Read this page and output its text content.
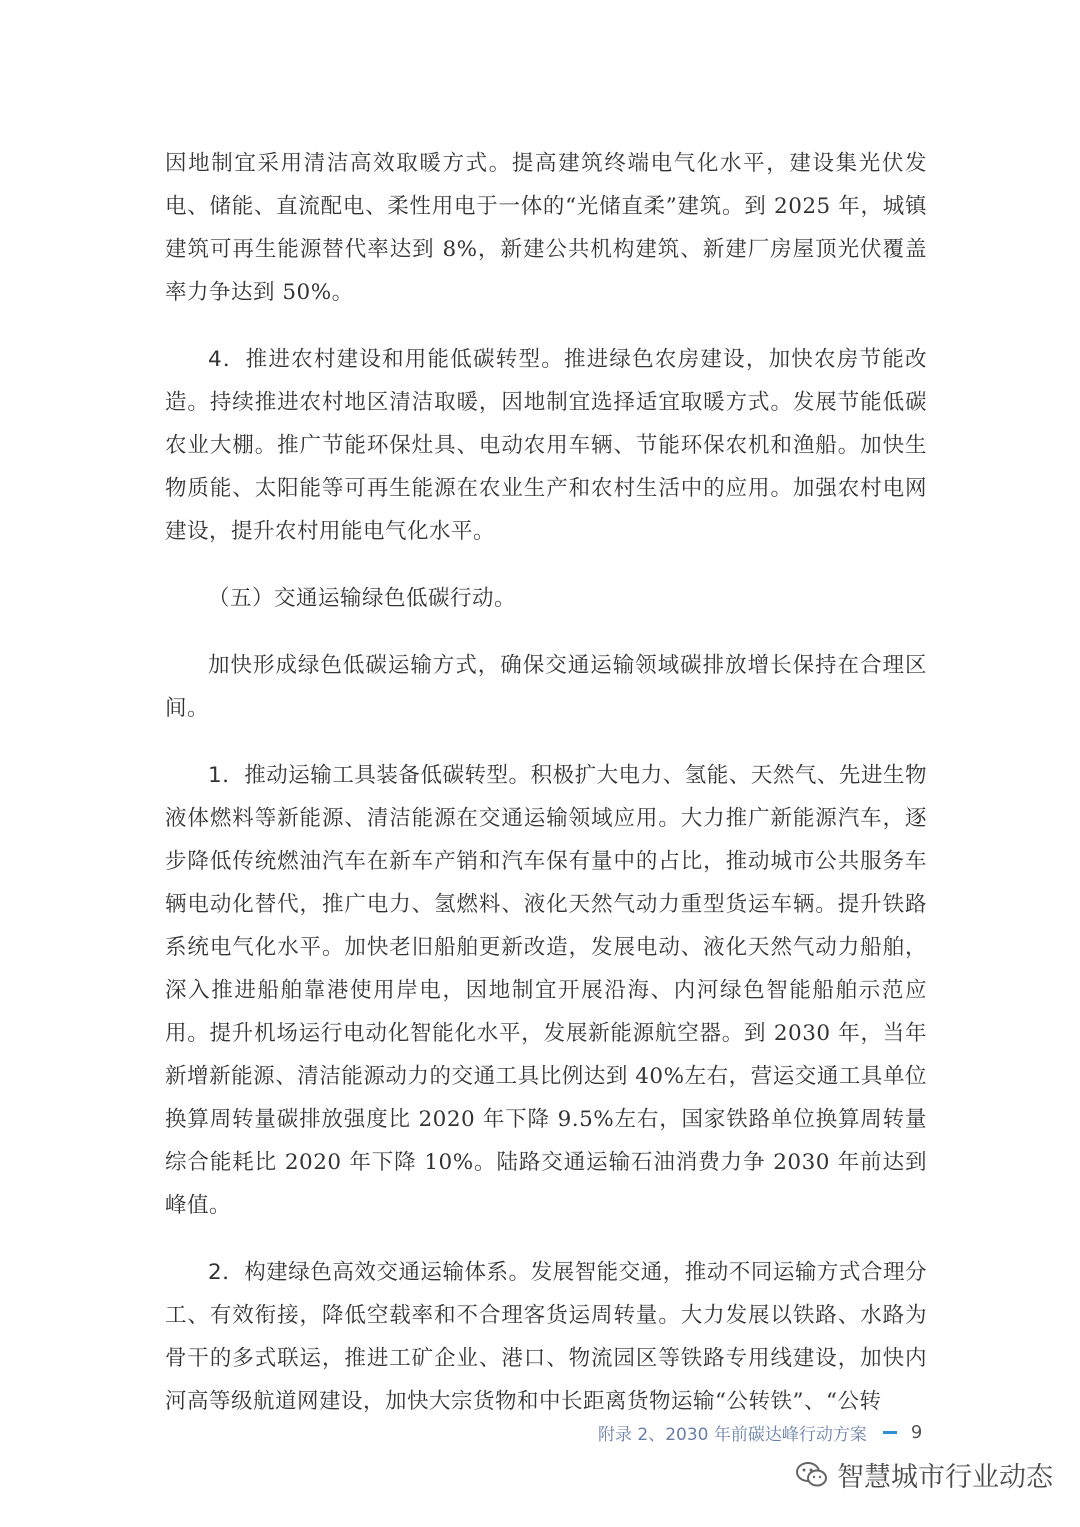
因地制宜采用清洁高效取暖方式。提高建筑终端电气化水平，建设集光伏发电、储能、直流配电、柔性用电于一体的“光储直柔”建筑。到 2025 年，城镇建筑可再生能源替代率达到 8%，新建公共机构建筑、新建厂房屋顶光伏覆盖率力争达到 50%。

4．推进农村建设和用能低碳转型。推进绿色农房建设，加快农房节能改造。持续推进农村地区清洁取暖，因地制宜选择适宜取暖方式。发展节能低碳农业大棚。推广节能环保灶具、电动农用车辆、节能环保农机和渔船。加快生物质能、太阳能等可再生能源在农业生产和农村生活中的应用。加强农村电网建设，提升农村用能电气化水平。

（五）交通运输绿色低碳行动。

加快形成绿色低碳运输方式，确保交通运输领域碳排放增长保持在合理区间。

1．推动运输工具装备低碳转型。积极扩大电力、氢能、天然气、先进生物液体燃料等新能源、清洁能源在交通运输领域应用。大力推广新能源汽车，逐步降低传统燃油汽车在新车产销和汽车保有量中的占比，推动城市公共服务车辆电动化替代，推广电力、氢燃料、液化天然气动力重型货运车辆。提升铁路系统电气化水平。加快老旧船舶更新改造，发展电动、液化天然气动力船舶，深入推进船舶靠港使用岸电，因地制宜开展沿海、内河绿色智能船舶示范应用。提升机场运行电动化智能化水平，发展新能源航空器。到 2030 年，当年新增新能源、清洁能源动力的交通工具比例达到 40%左右，营运交通工具单位换算周转量碳排放强度比 2020 年下降 9.5%左右，国家铁路单位换算周转量综合能耗比 2020 年下降 10%。陆路交通运输石油消费力争 2030 年前达到峰值。

2．构建绿色高效交通运输体系。发展智能交通，推动不同运输方式合理分工、有效衔接，降低空载率和不合理客货运周转量。大力发展以铁路、水路为骨干的多式联运，推进工矿企业、港口、物流园区等铁路专用线建设，加快内河高等级航道网建设，加快大宗货物和中长距离货物运输“公转铁”、“公转

附录 2、2030 年前碳达峰行动方案 9
智慧城市行业动态
